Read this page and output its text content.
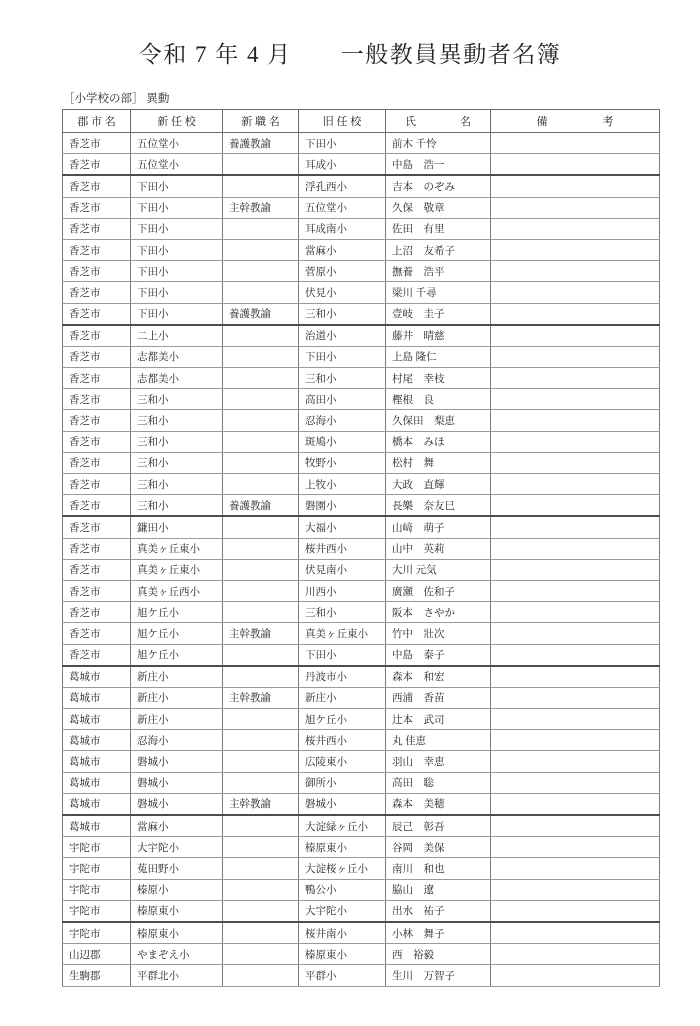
令和 7 年 4 月　　一般教員異動者名簿
［小学校の部］ 異動
郡 市 名	新 任 校	新 職 名	旧 任 校	氏　　　　名	備　　　　　考
香芝市	五位堂小	養護教諭	下田小	前木 千怜	
香芝市	五位堂小		耳成小	中島　浩一	
香芝市	下田小		浮孔西小	吉本　のぞみ	
香芝市	下田小	主幹教諭	五位堂小	久保　敬章	
香芝市	下田小		耳成南小	佐田　有里	
香芝市	下田小		當麻小	上沼　友希子	
香芝市	下田小		菅原小	撫養　浩平	
香芝市	下田小		伏見小	梁川 千尋	
香芝市	下田小	養護教諭	三和小	壹岐　圭子	
香芝市	二上小		治道小	藤井　晴慈	
香芝市	志都美小		下田小	上島 隆仁	
香芝市	志都美小		三和小	村尾　幸枝	
香芝市	三和小		高田小	樫根　良	
香芝市	三和小		忍海小	久保田　梨恵	
香芝市	三和小		斑鳩小	橋本　みほ	
香芝市	三和小		牧野小	松村　舞	
香芝市	三和小		上牧小	大政　直輝	
香芝市	三和小	養護教諭	磐園小	長樂　奈友巳	
香芝市	鎌田小		大福小	山﨑　萌子	
香芝市	真美ヶ丘東小		桜井西小	山中　英莉	
香芝市	真美ヶ丘東小		伏見南小	大川 元気	
香芝市	真美ヶ丘西小		川西小	廣瀬　佐和子	
香芝市	旭ケ丘小		三和小	阪本　さやか	
香芝市	旭ケ丘小	主幹教諭	真美ヶ丘東小	竹中　壯次	
香芝市	旭ケ丘小		下田小	中島　泰子	
葛城市	新庄小		丹波市小	森本　和宏	
葛城市	新庄小	主幹教諭	新庄小	西浦　香苗	
葛城市	新庄小		旭ケ丘小	辻本　武司	
葛城市	忍海小		桜井西小	丸 佳恵	
葛城市	磐城小		広陵東小	羽山　幸恵	
葛城市	磐城小		御所小	高田　聡	
葛城市	磐城小	主幹教諭	磐城小	森本　美穂	
葛城市	當麻小		大淀緑ヶ丘小	辰己　彰吾	
宇陀市	大宇陀小		榛原東小	谷岡　美保	
宇陀市	菟田野小		大淀桜ヶ丘小	南川　和也	
宇陀市	榛原小		鴨公小	脇山　遼	
宇陀市	榛原東小		大宇陀小	出水　祐子	
宇陀市	榛原東小		桜井南小	小林　舞子	
山辺郡	やまぞえ小		榛原東小	西　裕毅	
生駒郡	平群北小		平群小	生川　万智子	
